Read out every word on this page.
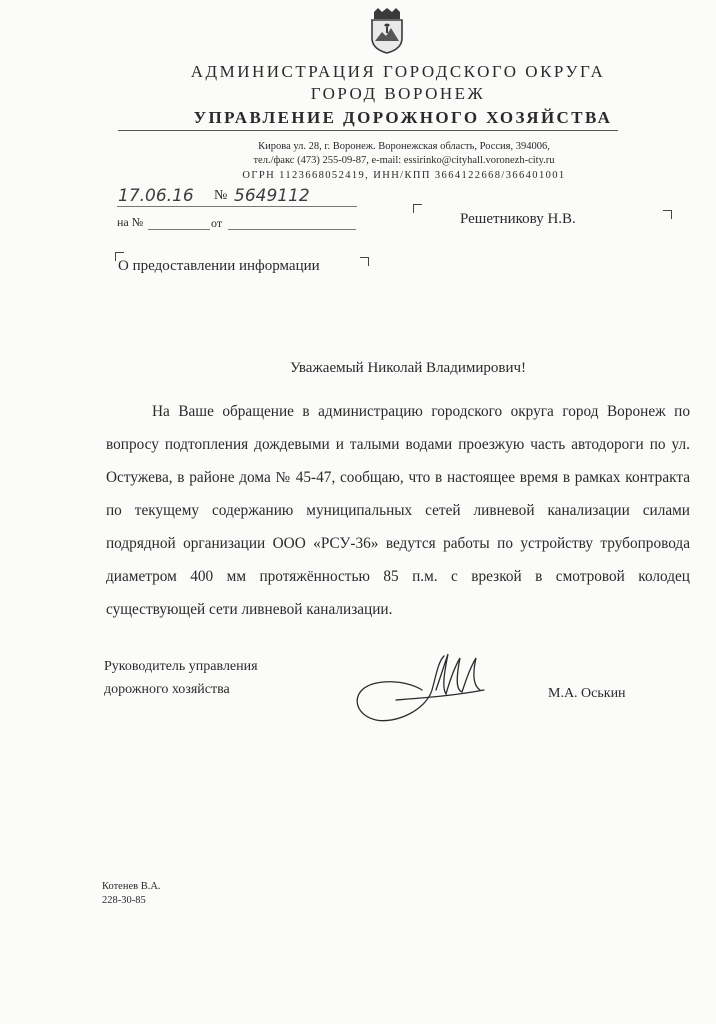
АДМИНИСТРАЦИЯ ГОРОДСКОГО ОКРУГА
ГОРОД ВОРОНЕЖ
УПРАВЛЕНИЕ ДОРОЖНОГО ХОЗЯЙСТВА
Кирова ул. 28, г. Воронеж. Воронежская область, Россия, 394006,
тел./факс (473) 255-09-87, e-mail: essirinko@cityhall.voronezh-city.ru
ОГРН 1123668052419, ИНН/КПП 3664122668/366401001
17.06.16 № 5649112
на №	от	Решетникову Н.В.
О предоставлении информации
Уважаемый Николай Владимирович!

На Ваше обращение в администрацию городского округа город Воронеж по вопросу подтопления дождевыми и талыми водами проезжую часть автодороги по ул. Остужева, в районе дома № 45-47, сообщаю, что в настоящее время в рамках контракта по текущему содержанию муниципальных сетей ливневой канализации силами подрядной организации ООО «РСУ-36» ведутся работы по устройству трубопровода диаметром 400 мм протяжённостью 85 п.м. с врезкой в смотровой колодец существующей сети ливневой канализации.

Руководитель управления
дорожного хозяйства	М.А. Оськин
Котенев В.А.
228-30-85
